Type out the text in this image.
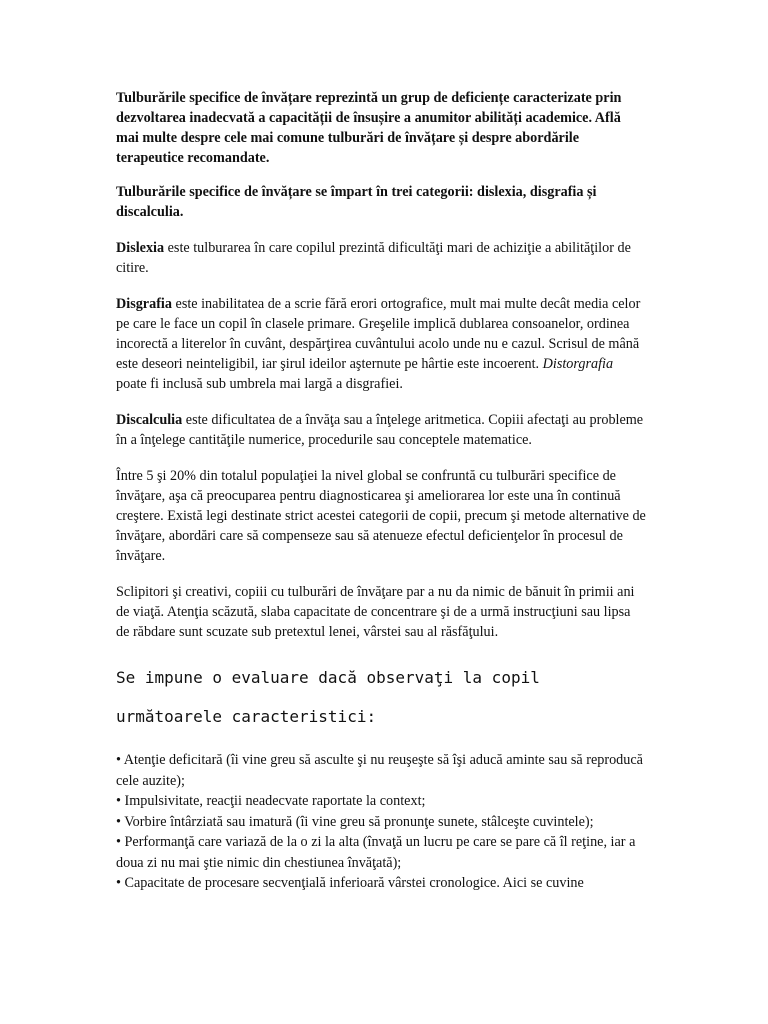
Tulburările specifice de învățare reprezintă un grup de deficiențe caracterizate prin dezvoltarea inadecvată a capacității de însușire a anumitor abilități academice. Află mai multe despre cele mai comune tulburări de învățare și despre abordările terapeutice recomandate.

Tulburările specifice de învățare se împart în trei categorii: dislexia, disgrafia și discalculia.

Dislexia este tulburarea în care copilul prezintă dificultăţi mari de achiziţie a abilităţilor de citire.

Disgrafia este inabilitatea de a scrie fără erori ortografice, mult mai multe decât media celor pe care le face un copil în clasele primare. Greşelile implică dublarea consoanelor, ordinea incorectă a literelor în cuvânt, despărţirea cuvântului acolo unde nu e cazul. Scrisul de mână este deseori neinteligibil, iar şirul ideilor aşternute pe hârtie este incoerent. Distorgrafia poate fi inclusă sub umbrela mai largă a disgrafiei.

Discalculia este dificultatea de a învăţa sau a înţelege aritmetica. Copiii afectaţi au probleme în a înţelege cantităţile numerice, procedurile sau conceptele matematice.

Între 5 şi 20% din totalul populaţiei la nivel global se confruntă cu tulburări specifice de învăţare, aşa că preocuparea pentru diagnosticarea şi ameliorarea lor este una în continuă creştere. Există legi destinate strict acestei categorii de copii, precum şi metode alternative de învăţare, abordări care să compenseze sau să atenueze efectul deficienţelor în procesul de învăţare.

Sclipitori şi creativi, copiii cu tulburări de învăţare par a nu da nimic de bănuit în primii ani de viaţă. Atenţia scăzută, slaba capacitate de concentrare şi de a urmă instrucţiuni sau lipsa de răbdare sunt scuzate sub pretextul lenei, vârstei sau al răsfăţului.

Se impune o evaluare dacă observaţi la copil următoarele caracteristici:
• Atenţie deficitară (îi vine greu să asculte şi nu reuşeşte să îşi aducă aminte sau să reproducă cele auzite);
• Impulsivitate, reacţii neadecvate raportate la context;
• Vorbire întârziată sau imatură (îi vine greu să pronunţe sunete, stâlceşte cuvintele);
• Performanţă care variază de la o zi la alta (învaţă un lucru pe care se pare că îl reţine, iar a doua zi nu mai ştie nimic din chestiunea învăţată);
• Capacitate de procesare secvenţială inferioară vârstei cronologice. Aici se cuvine
